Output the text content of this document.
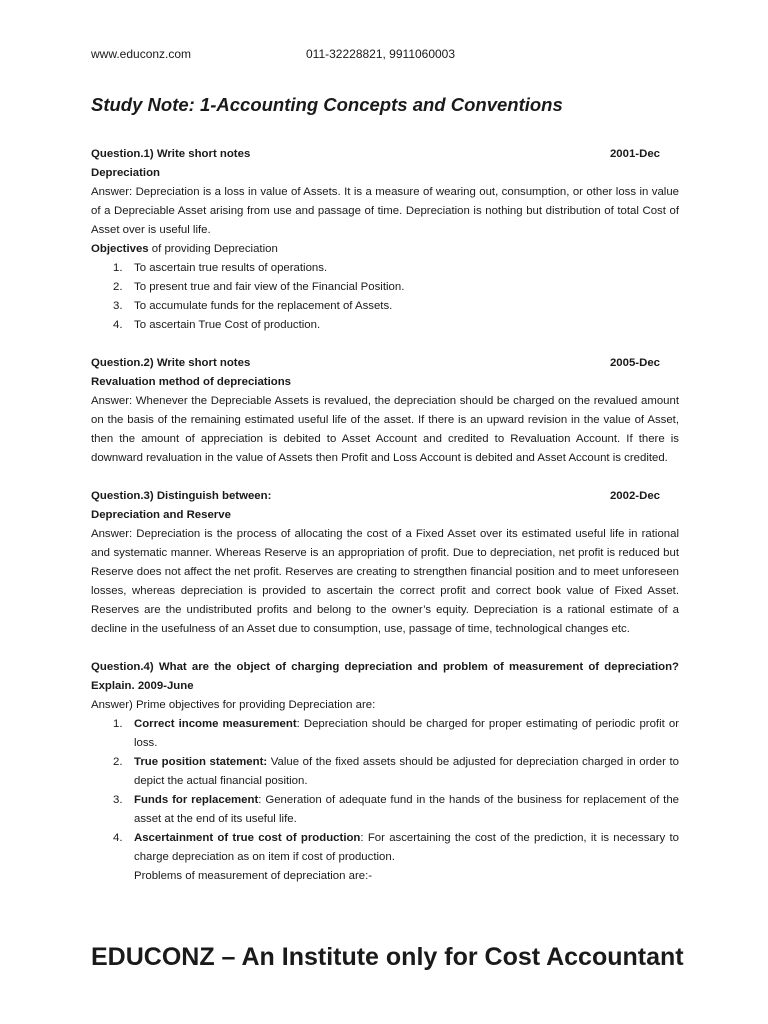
www.educonz.com	011-32228821, 9911060003
Study Note: 1-Accounting Concepts and Conventions
Question.1) Write short notes	2001-Dec
Depreciation
Answer: Depreciation is a loss in value of Assets. It is a measure of wearing out, consumption, or other loss in value of a Depreciable Asset arising from use and passage of time. Depreciation is nothing but distribution of total Cost of Asset over is useful life.
Objectives of providing Depreciation
1.	To ascertain true results of operations.
2.	To present true and fair view of the Financial Position.
3.	To accumulate funds for the replacement of Assets.
4.	To ascertain True Cost of production.
Question.2) Write short notes	2005-Dec
Revaluation method of depreciations
Answer: Whenever the Depreciable Assets is revalued, the depreciation should be charged on the revalued amount on the basis of the remaining estimated useful life of the asset. If there is an upward revision in the value of Asset, then the amount of appreciation is debited to Asset Account and credited to Revaluation Account. If there is downward revaluation in the value of Assets then Profit and Loss Account is debited and Asset Account is credited.
Question.3) Distinguish between:	2002-Dec
Depreciation and Reserve
Answer: Depreciation is the process of allocating the cost of a Fixed Asset over its estimated useful life in rational and systematic manner. Whereas Reserve is an appropriation of profit. Due to depreciation, net profit is reduced but Reserve does not affect the net profit. Reserves are creating to strengthen financial position and to meet unforeseen losses, whereas depreciation is provided to ascertain the correct profit and correct book value of Fixed Asset. Reserves are the undistributed profits and belong to the owner’s equity. Depreciation is a rational estimate of a decline in the usefulness of an Asset due to consumption, use, passage of time, technological changes etc.
Question.4) What are the object of charging depreciation and problem of measurement of depreciation? Explain. 2009-June
Answer) Prime objectives for providing Depreciation are:
1.	Correct income measurement: Depreciation should be charged for proper estimating of periodic profit or loss.
2.	True position statement: Value of the fixed assets should be adjusted for depreciation charged in order to depict the actual financial position.
3.	Funds for replacement: Generation of adequate fund in the hands of the business for replacement of the asset at the end of its useful life.
4.	Ascertainment of true cost of production: For ascertaining the cost of the prediction, it is necessary to charge depreciation as on item if cost of production.
Problems of measurement of depreciation are:-
EDUCONZ – An Institute only for Cost Accountant
